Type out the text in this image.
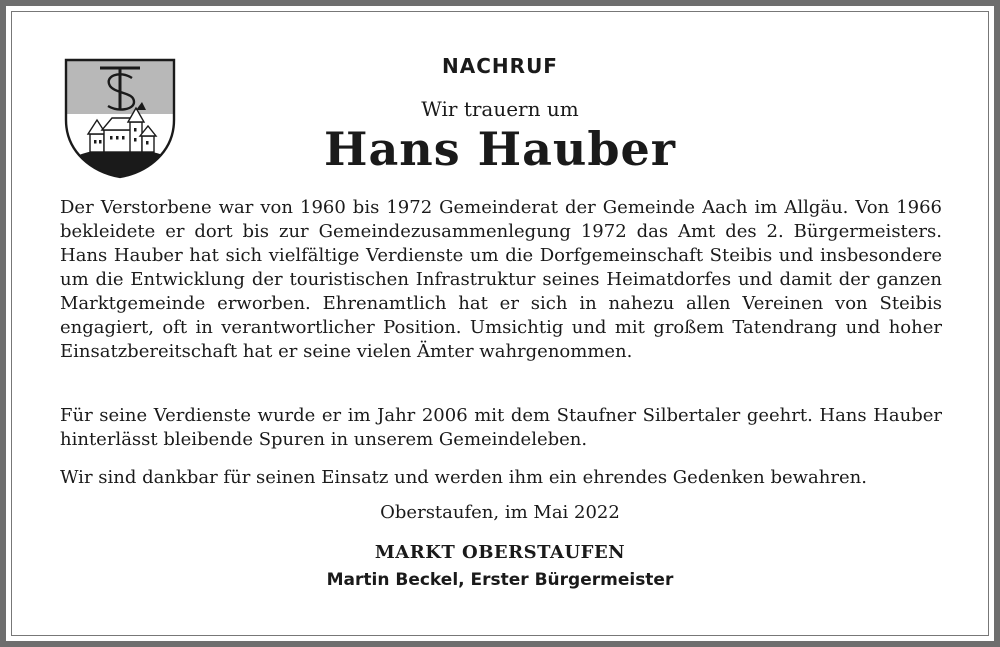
NACHRUF
Wir trauern um
Hans Hauber
Der Verstorbene war von 1960 bis 1972 Gemeinderat der Gemeinde Aach im Allgäu. Von 1966 bekleidete er dort bis zur Gemeindezusammenlegung 1972 das Amt des 2. Bürgermeisters. Hans Hauber hat sich vielfältige Verdienste um die Dorfgemeinschaft Steibis und insbesondere um die Entwicklung der touristischen Infrastruktur seines Heimatdorfes und damit der ganzen Marktgemeinde erworben. Ehrenamtlich hat er sich in nahezu allen Vereinen von Steibis engagiert, oft in verantwortlicher Position. Umsichtig und mit großem Tatendrang und hoher Einsatzbereitschaft hat er seine vielen Ämter wahrgenommen.
Für seine Verdienste wurde er im Jahr 2006 mit dem Staufner Silbertaler geehrt. Hans Hauber hinterlässt bleibende Spuren in unserem Gemeindeleben.
Wir sind dankbar für seinen Einsatz und werden ihm ein ehrendes Gedenken bewahren.
Oberstaufen, im Mai 2022
MARKT OBERSTAUFEN
Martin Beckel, Erster Bürgermeister
